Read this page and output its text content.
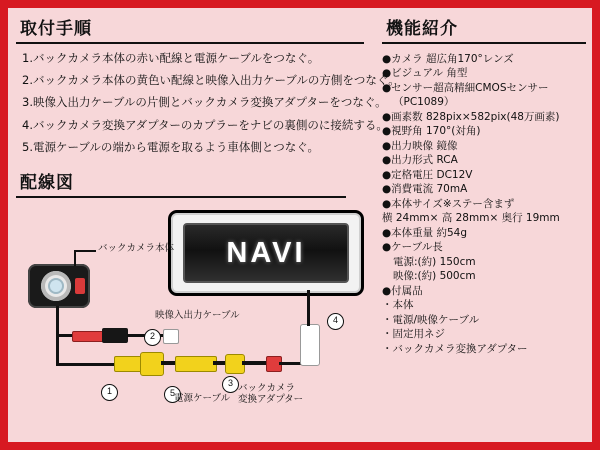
取付手順
1.バックカメラ本体の赤い配線と電源ケーブルをつなぐ。
2.バックカメラ本体の黄色い配線と映像入出力ケーブルの方側をつなぐ。
3.映像入出力ケーブルの片側とバックカメラ変換アダプターをつなぐ。
4.バックカメラ変換アダプターのカプラーをナビの裏側のに接続する。
5.電源ケーブルの端から電源を取るよう車体側とつなぐ。
配線図
NAVI
バックカメラ本体
1
2
3
4
5
映像入出力ケーブル
バックカメラ
変換アダプター
電源ケーブル
機能紹介
●カメラ 超広角170°レンズ
●ビジュアル 角型
●センサー超高精細CMOSセンサー
（PC1089）
●画素数 828pix×582pix(48万画素)
●視野角 170°(対角)
●出力映像 鏡像
●出力形式 RCA
●定格電圧 DC12V
●消費電流 70mA
●本体サイズ※ステー含まず
横 24mm× 高 28mm× 奥行 19mm
●本体重量 約54g
●ケーブル長
電源:(約) 150cm
映像:(約) 500cm
●付属品
・本体
・電源/映像ケーブル
・固定用ネジ
・バックカメラ変換アダプター
